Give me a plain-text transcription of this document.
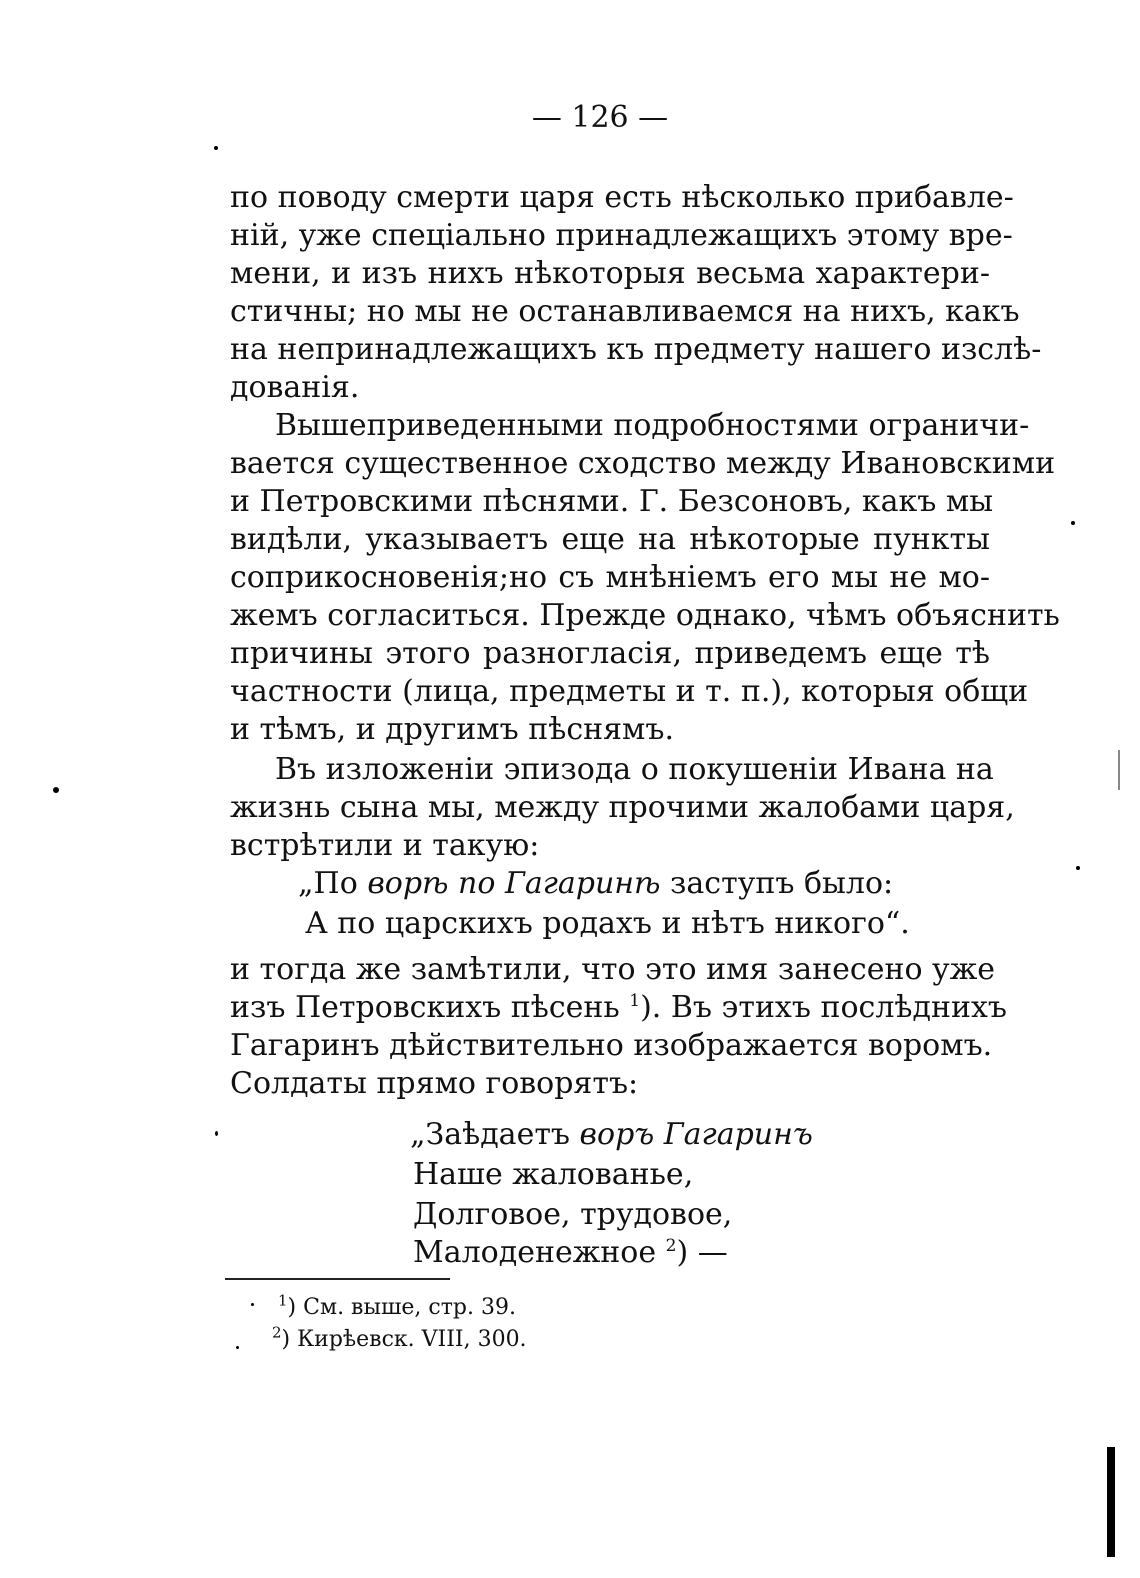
— 126 —
по поводу смерти царя есть нѣсколько прибавле-
нiй, уже спецiально принадлежащихъ этому вре-
мени, и изъ нихъ нѣкоторыя весьма характери-
стичны; но мы не останавливаемся на нихъ, какъ
на непринадлежащихъ къ предмету нашего изслѣ-
дованiя.
Вышеприведенными подробностями ограничи-
вается существенное сходство между Ивановскими
и Петровскими пѣснями. Г. Безсоновъ, какъ мы
видѣли, указываетъ еще на нѣкоторые пункты
соприкосновенiя;но съ мнѣнiемъ его мы не мо-
жемъ согласиться. Прежде однако, чѣмъ объяснить
причины этого разногласiя, приведемъ еще тѣ
частности (лица, предметы и т. п.), которыя общи
и тѣмъ, и другимъ пѣснямъ.
Въ изложенiи эпизода о покушенiи Ивана на
жизнь сына мы, между прочими жалобами царя,
встрѣтили и такую:
„По ворѣ по Гагаринѣ заступъ было:
А по царскихъ родахъ и нѣтъ никого“.
и тогда же замѣтили, что это имя занесено уже
изъ Петровскихъ пѣсень $^1$). Въ этихъ послѣднихъ
Гагаринъ дѣйствительно изображается воромъ.
Солдаты прямо говорятъ:
„Заѣдаетъ воръ Гагаринъ
Наше жалованье,
Долговое, трудовое,
Малоденежное $^2$) —
$^1$) См. выше, стр. 39.
$^2$) Кирѣевск. VIII, 300.
